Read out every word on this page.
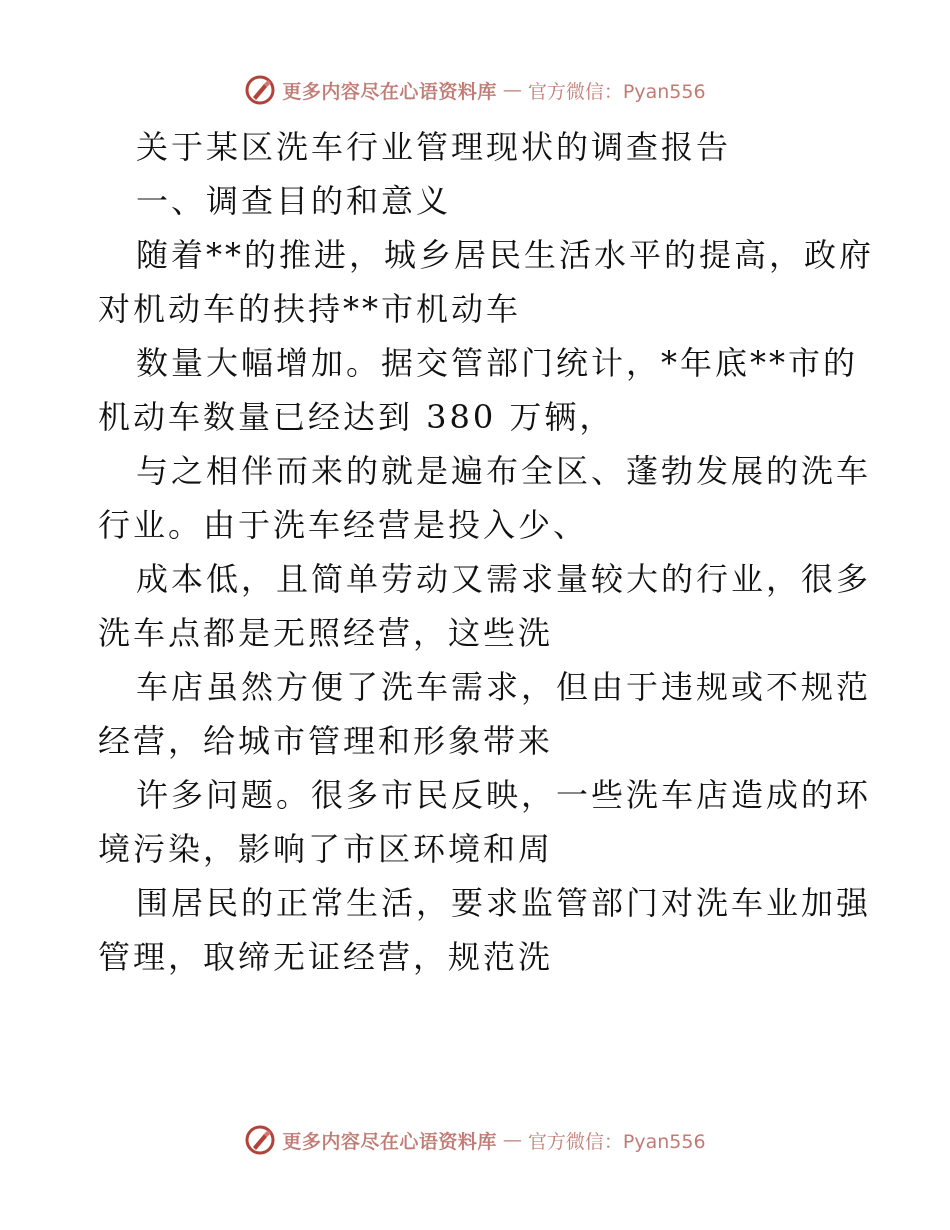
更多内容尽在心语资料库 — 官方微信：Pyan556
关于某区洗车行业管理现状的调查报告
一、调查目的和意义
随着**的推进，城乡居民生活水平的提高，政府
对机动车的扶持**市机动车
数量大幅增加。据交管部门统计，*年底**市的
机动车数量已经达到 380 万辆，
与之相伴而来的就是遍布全区、蓬勃发展的洗车
行业。由于洗车经营是投入少、
成本低，且简单劳动又需求量较大的行业，很多
洗车点都是无照经营，这些洗
车店虽然方便了洗车需求，但由于违规或不规范
经营，给城市管理和形象带来
许多问题。很多市民反映，一些洗车店造成的环
境污染，影响了市区环境和周
围居民的正常生活，要求监管部门对洗车业加强
管理，取缔无证经营，规范洗
更多内容尽在心语资料库 — 官方微信：Pyan556
